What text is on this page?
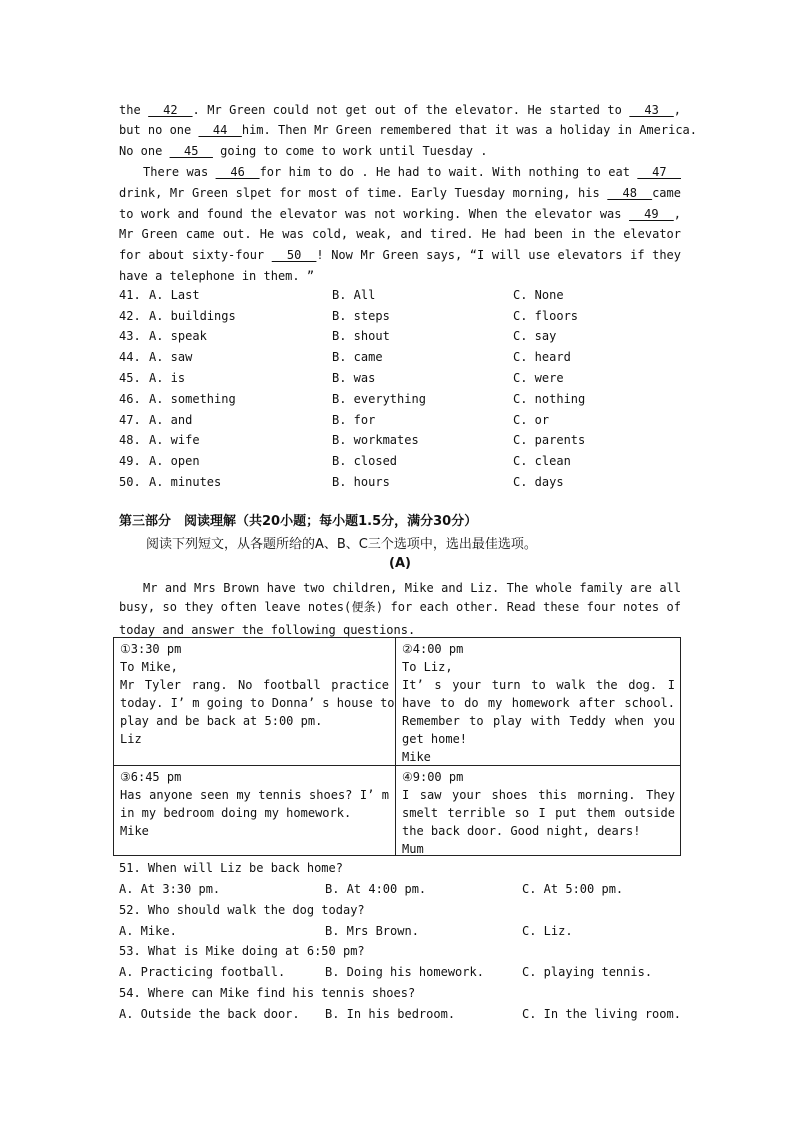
the   42  . Mr Green could not get out of the elevator. He started to   43  ,
but no one   44  him. Then Mr Green remembered that it was a holiday in America.
No one   45   going to come to work until Tuesday .
There was   46  for him to do . He had to wait. With nothing to eat   47
drink, Mr Green slpet for most of time. Early Tuesday morning, his   48  came
to work and found the elevator was not working. When the elevator was   49  ,
Mr Green came out. He was cold, weak, and tired. He had been in the elevator
for about sixty-four   50  ! Now Mr Green says, “I will use elevators if they
have a telephone in them. ”
41. A. Last	B. All	C. None
42. A. buildings	B. steps	C. floors
43. A. speak	B. shout	C. say
44. A. saw	B. came	C. heard
45. A. is	B. was	C. were
46. A. something	B. everything	C. nothing
47. A. and	B. for	C. or
48. A. wife	B. workmates	C. parents
49. A. open	B. closed	C. clean
50. A. minutes	B. hours	C. days
第三部分　阅读理解（共20小题；每小题1.5分，满分30分）
阅读下列短文，从各题所给的A、B、C三个选项中，选出最佳选项。
(A)
Mr and Mrs Brown have two children, Mike and Liz. The whole family are all
busy, so they often leave notes(便条) for each other. Read these four notes of
today and answer the following questions.
①3:30 pm
To Mike,
Mr Tyler rang. No football practice
today. I’ m going to Donna’ s house to
play and be back at 5:00 pm.
Liz
②4:00 pm
To Liz,
It’ s your turn to walk the dog. I
have to do my homework after school.
Remember to play with Teddy when you
get home!
Mike
③6:45 pm
Has anyone seen my tennis shoes? I’ m
in my bedroom doing my homework.
Mike
④9:00 pm
I saw your shoes this morning. They
smelt terrible so I put them outside
the back door. Good night, dears!
Mum
51. When will Liz be back home?
A. At 3:30 pm.	B. At 4:00 pm.	C. At 5:00 pm.
52. Who should walk the dog today?
A. Mike.	B. Mrs Brown.	C. Liz.
53. What is Mike doing at 6:50 pm?
A. Practicing football.	B. Doing his homework.	C. playing tennis.
54. Where can Mike find his tennis shoes?
A. Outside the back door. B. In his bedroom.	C. In the living room.
